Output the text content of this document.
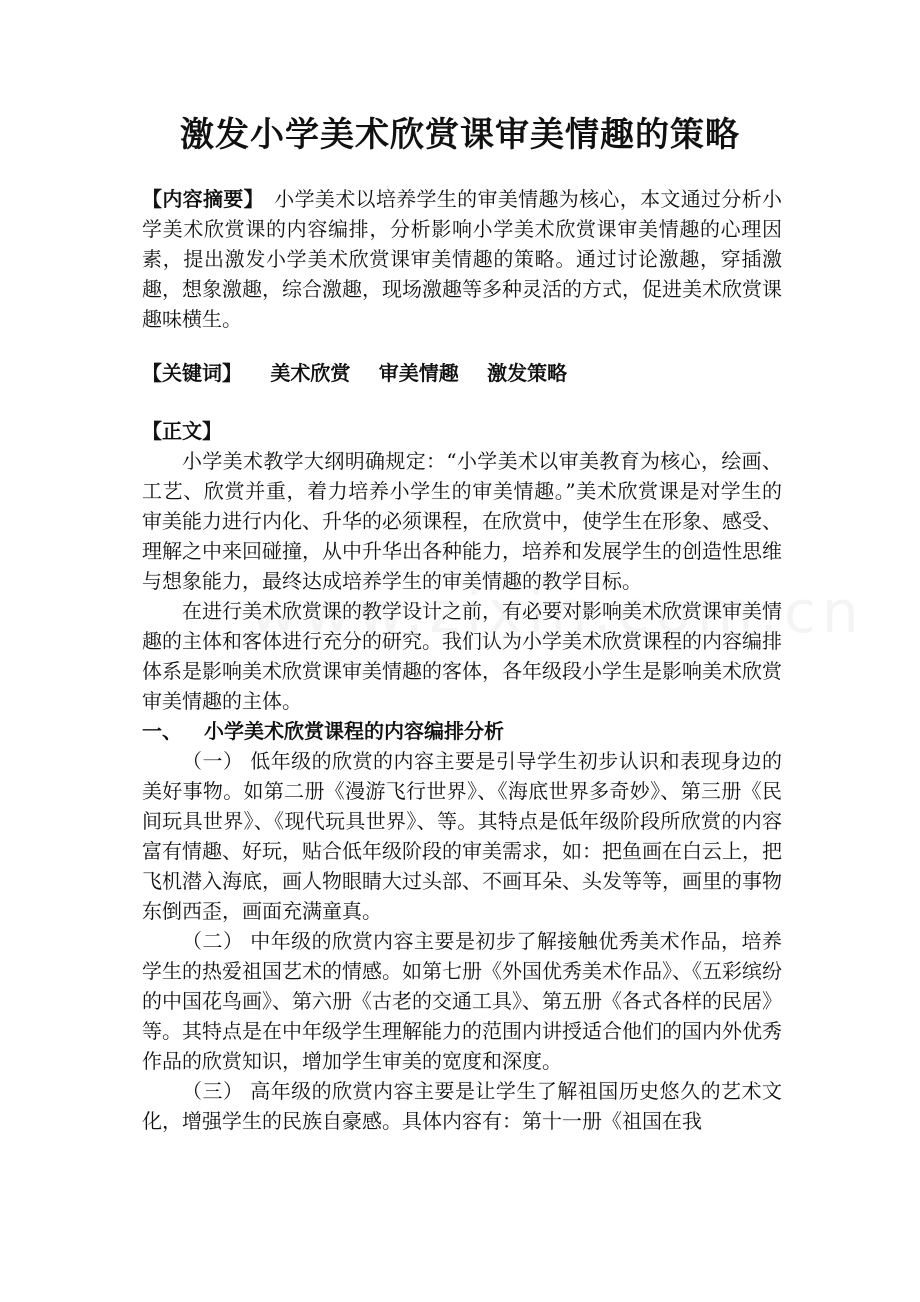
激发小学美术欣赏课审美情趣的策略

【内容摘要】　 小学美术以培养学生的审美情趣为核心，本文通过分析小学美术欣赏课的内容编排，分析影响小学美术欣赏课审美情趣的心理因素，提出激发小学美术欣赏课审美情趣的策略。通过讨论激趣，穿插激趣，想象激趣，综合激趣，现场激趣等多种灵活的方式，促进美术欣赏课趣味横生。

【关键词】 美术欣赏 审美情趣 激发策略
【正文】

小学美术教学大纲明确规定：“小学美术以审美教育为核心，绘画、工艺、欣赏并重，着力培养小学生的审美情趣。”美术欣赏课是对学生的审美能力进行内化、升华的必须课程，在欣赏中，使学生在形象、感受、理解之中来回碰撞，从中升华出各种能力，培养和发展学生的创造性思维与想象能力，最终达成培养学生的审美情趣的教学目标。

在进行美术欣赏课的教学设计之前，有必要对影响美术欣赏课审美情趣的主体和客体进行充分的研究。我们认为小学美术欣赏课程的内容编排体系是影响美术欣赏课审美情趣的客体，各年级段小学生是影响美术欣赏审美情趣的主体。

一、 小学美术欣赏课程的内容编排分析

（一） 低年级的欣赏的内容主要是引导学生初步认识和表现身边的美好事物。如第二册《漫游飞行世界》、《海底世界多奇妙》、第三册《民间玩具世界》、《现代玩具世界》、等。其特点是低年级阶段所欣赏的内容富有情趣、好玩，贴合低年级阶段的审美需求，如：把鱼画在白云上，把飞机潜入海底，画人物眼睛大过头部、不画耳朵、头发等等，画里的事物东倒西歪，画面充满童真。

（二） 中年级的欣赏内容主要是初步了解接触优秀美术作品，培养学生的热爱祖国艺术的情感。如第七册《外国优秀美术作品》、《五彩缤纷的中国花鸟画》、第六册《古老的交通工具》、第五册《各式各样的民居》等。其特点是在中年级学生理解能力的范围内讲授适合他们的国内外优秀作品的欣赏知识，增加学生审美的宽度和深度。

（三） 高年级的欣赏内容主要是让学生了解祖国历史悠久的艺术文化，增强学生的民族自豪感。具体内容有：第十一册《祖国在我
